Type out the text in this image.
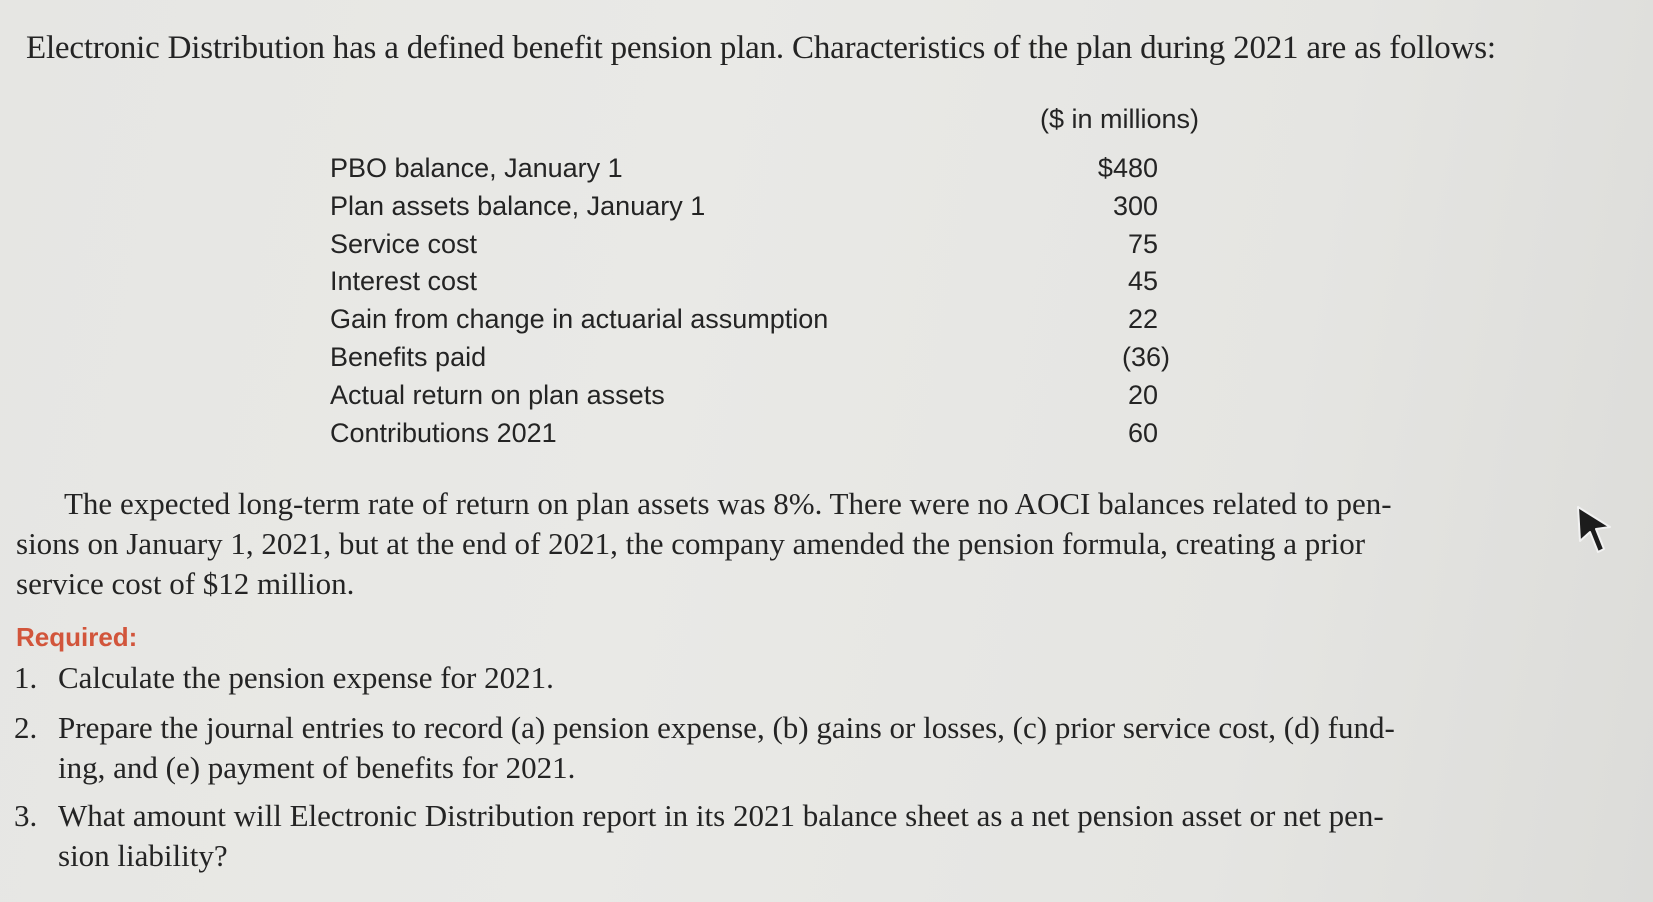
Electronic Distribution has a defined benefit pension plan. Characteristics of the plan during 2021 are as follows:
($ in millions)
PBO balance, January 1	$480
Plan assets balance, January 1	300
Service cost	75
Interest cost	45
Gain from change in actuarial assumption	22
Benefits paid	(36)
Actual return on plan assets	20
Contributions 2021	60
The expected long-term rate of return on plan assets was 8%. There were no AOCI balances related to pen-
sions on January 1, 2021, but at the end of 2021, the company amended the pension formula, creating a prior
service cost of $12 million.
Required:
1. Calculate the pension expense for 2021.
2. Prepare the journal entries to record (a) pension expense, (b) gains or losses, (c) prior service cost, (d) fund-
ing, and (e) payment of benefits for 2021.
3. What amount will Electronic Distribution report in its 2021 balance sheet as a net pension asset or net pen-
sion liability?
